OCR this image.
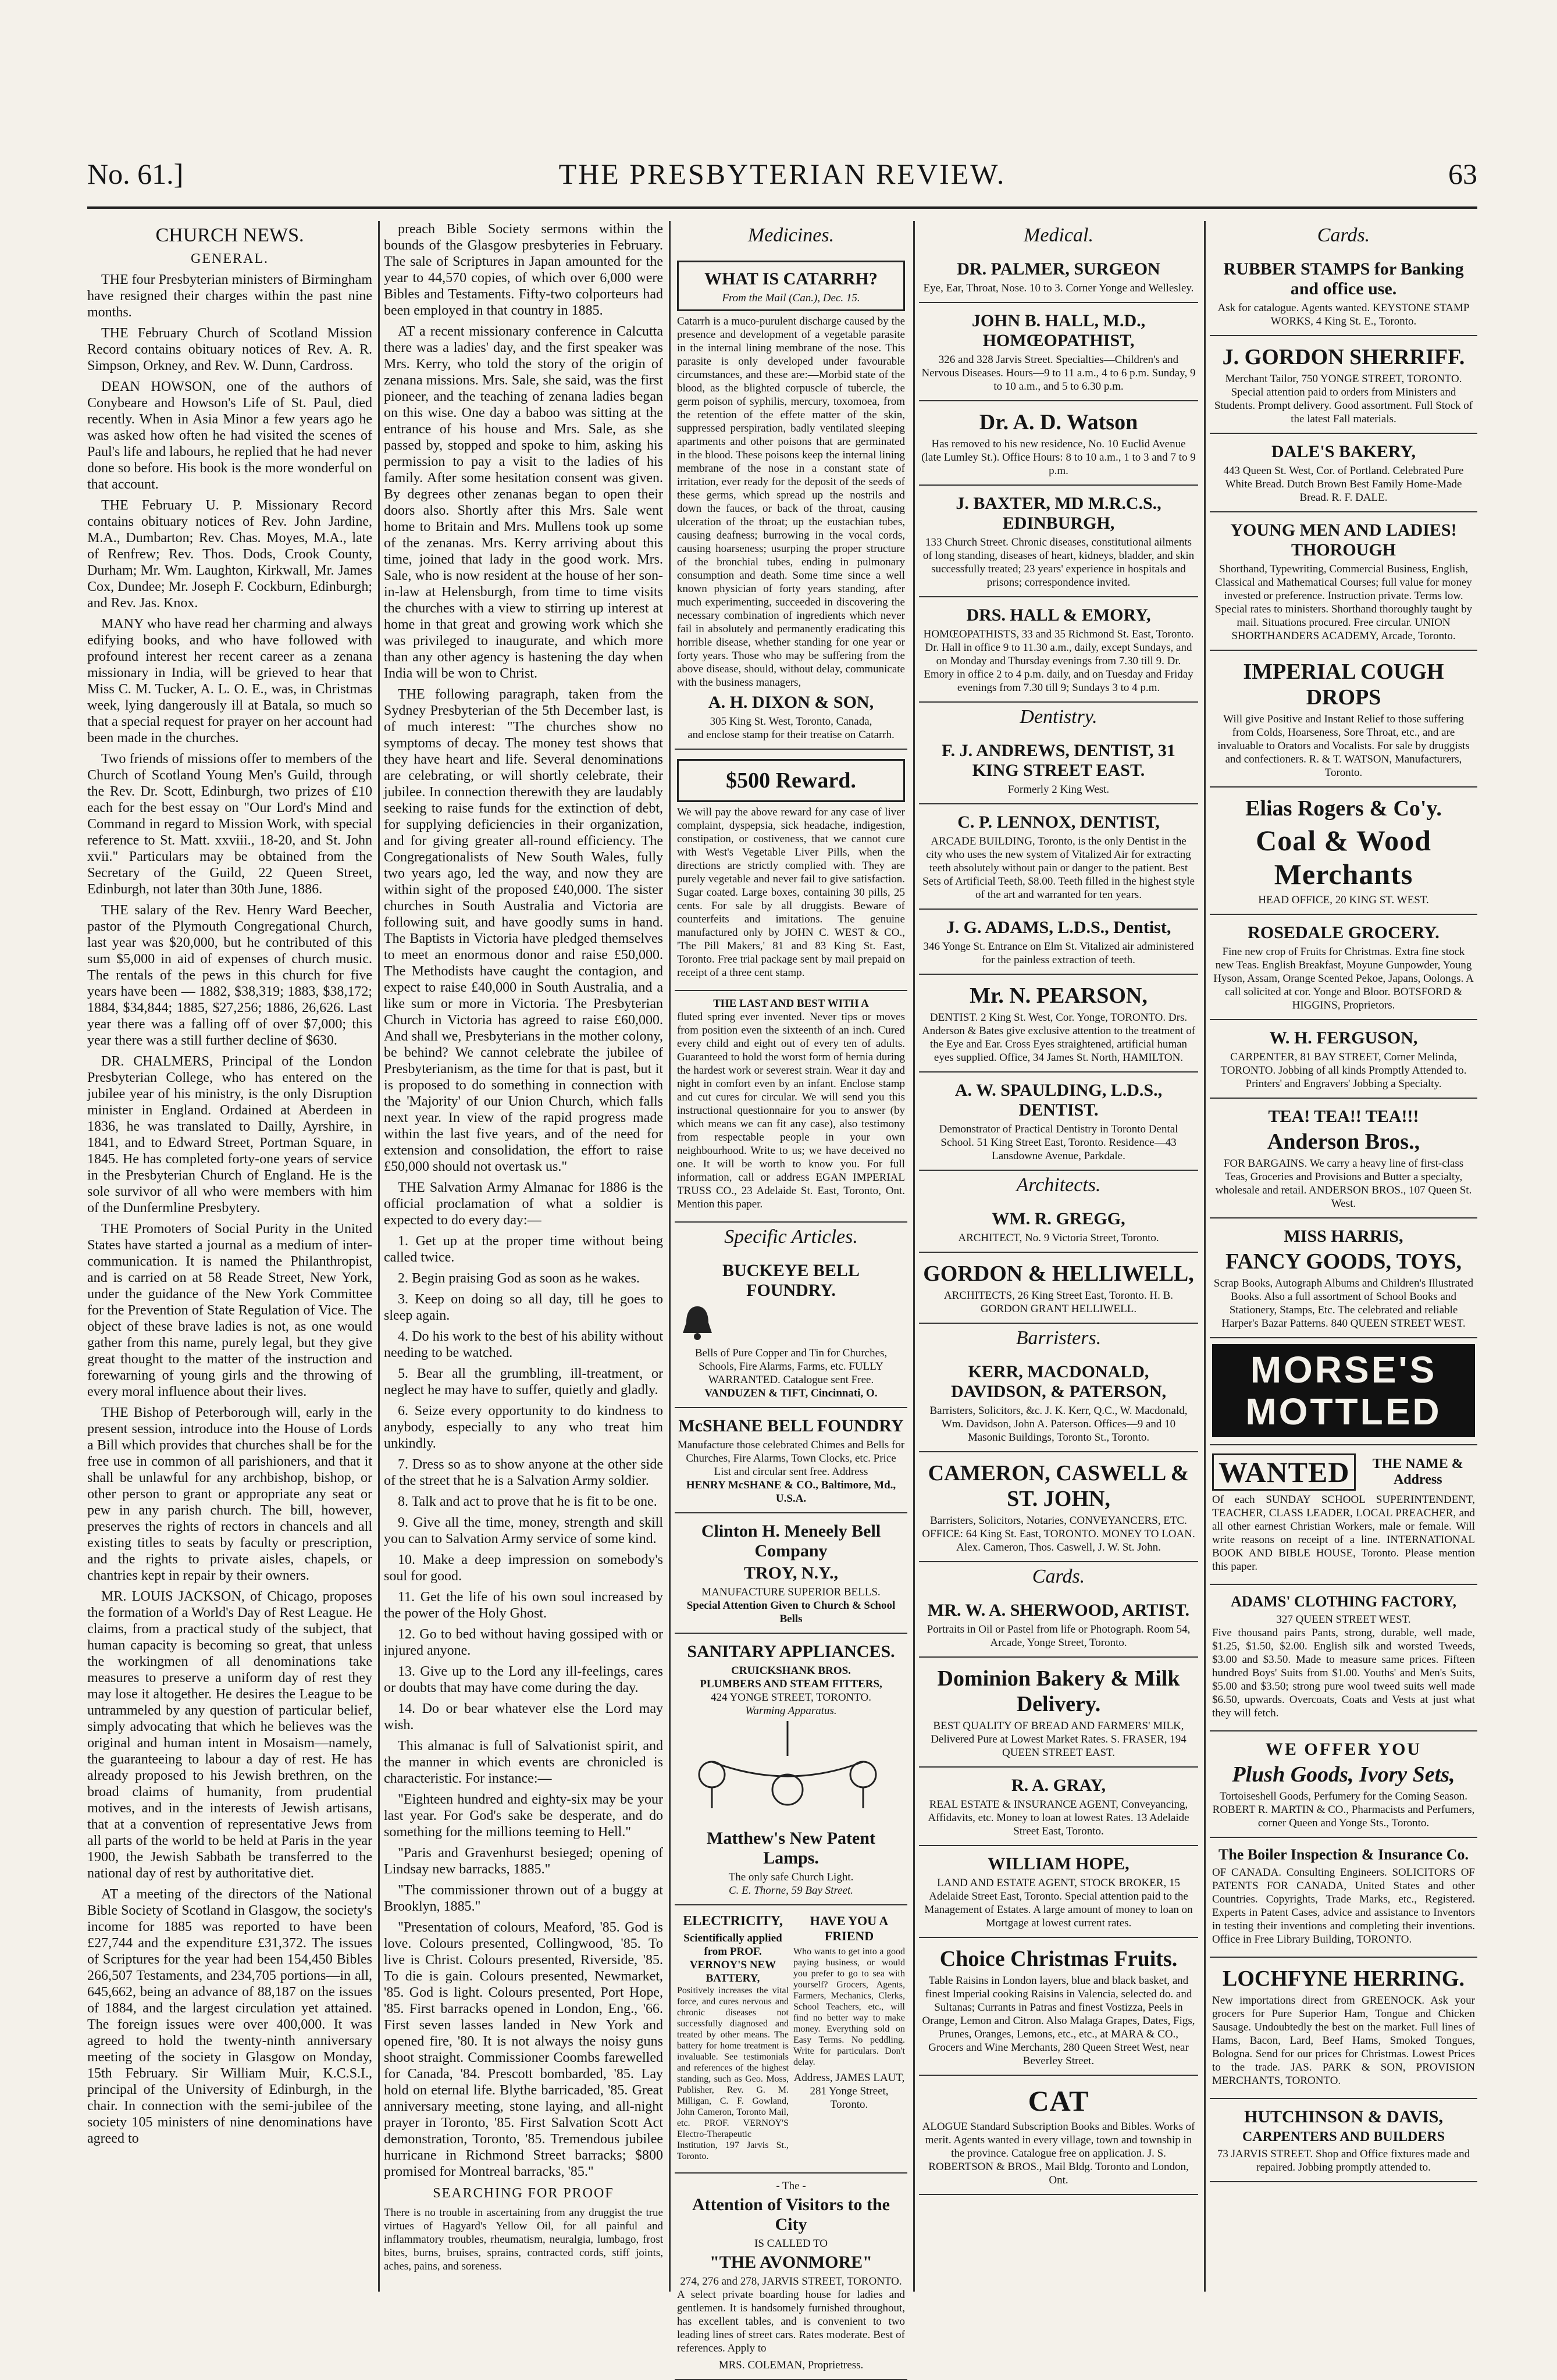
No. 61.]	THE PRESBYTERIAN REVIEW.	63
CHURCH NEWS.
GENERAL.
THE four Presbyterian ministers of Birmingham have resigned their charges within the past nine months.
THE February Church of Scotland Mission Record contains obituary notices of Rev. A. R. Simpson, Orkney, and Rev. W. Dunn, Cardross.
DEAN HOWSON, one of the authors of Conybeare and Howson's Life of St. Paul, died recently. When in Asia Minor a few years ago he was asked how often he had visited the scenes of Paul's life and labours, he replied that he had never done so before. His book is the more wonderful on that account.
THE February U. P. Missionary Record contains obituary notices of Rev. John Jardine, M.A., Dumbarton; Rev. Chas. Moyes, M.A., late of Renfrew; Rev. Thos. Dods, Crook County, Durham; Mr. Wm. Laughton, Kirkwall, Mr. James Cox, Dundee; Mr. Joseph F. Cockburn, Edinburgh; and Rev. Jas. Knox.
MANY who have read her charming and always edifying books, and who have followed with profound interest her recent career as a zenana missionary in India, will be grieved to hear that Miss C. M. Tucker, A. L. O. E., was, in Christmas week, lying dangerously ill at Batala, so much so that a special request for prayer on her account had been made in the churches.
Two friends of missions offer to members of the Church of Scotland Young Men's Guild, through the Rev. Dr. Scott, Edinburgh, two prizes of £10 each for the best essay on "Our Lord's Mind and Command in regard to Mission Work, with special reference to St. Matt. xxviii., 18-20, and St. John xvii." Particulars may be obtained from the Secretary of the Guild, 22 Queen Street, Edinburgh, not later than 30th June, 1886.
THE salary of the Rev. Henry Ward Beecher, pastor of the Plymouth Congregational Church, last year was $20,000, but he contributed of this sum $5,000 in aid of expenses of church music. The rentals of the pews in this church for five years have been — 1882, $38,319; 1883, $38,172; 1884, $34,844; 1885, $27,256; 1886, 26,626. Last year there was a falling off of over $7,000; this year there was a still further decline of $630.
DR. CHALMERS, Principal of the London Presbyterian College, who has entered on the jubilee year of his ministry, is the only Disruption minister in England. Ordained at Aberdeen in 1836, he was translated to Dailly, Ayrshire, in 1841, and to Edward Street, Portman Square, in 1845. He has completed forty-one years of service in the Presbyterian Church of England. He is the sole survivor of all who were members with him of the Dunfermline Presbytery.
THE Promoters of Social Purity in the United States have started a journal as a medium of inter-communication. It is named the Philanthropist, and is carried on at 58 Reade Street, New York, under the guidance of the New York Committee for the Prevention of State Regulation of Vice. The object of these brave ladies is not, as one would gather from this name, purely legal, but they give great thought to the matter of the instruction and forewarning of young girls and the throwing of every moral influence about their lives.
THE Bishop of Peterborough will, early in the present session, introduce into the House of Lords a Bill which provides that churches shall be for the free use in common of all parishioners, and that it shall be unlawful for any archbishop, bishop, or other person to grant or appropriate any seat or pew in any parish church. The bill, however, preserves the rights of rectors in chancels and all existing titles to seats by faculty or prescription, and the rights to private aisles, chapels, or chantries kept in repair by their owners.
MR. LOUIS JACKSON, of Chicago, proposes the formation of a World's Day of Rest League. He claims, from a practical study of the subject, that human capacity is becoming so great, that unless the workingmen of all denominations take measures to preserve a uniform day of rest they may lose it altogether. He desires the League to be untrammeled by any question of particular belief, simply advocating that which he believes was the original and human intent in Mosaism—namely, the guaranteeing to labour a day of rest. He has already proposed to his Jewish brethren, on the broad claims of humanity, from prudential motives, and in the interests of Jewish artisans, that at a convention of representative Jews from all parts of the world to be held at Paris in the year 1900, the Jewish Sabbath be transferred to the national day of rest by authoritative diet.
AT a meeting of the directors of the National Bible Society of Scotland in Glasgow, the society's income for 1885 was reported to have been £27,744 and the expenditure £31,372. The issues of Scriptures for the year had been 154,450 Bibles 266,507 Testaments, and 234,705 portions—in all, 645,662, being an advance of 88,187 on the issues of 1884, and the largest circulation yet attained. The foreign issues were over 400,000. It was agreed to hold the twenty-ninth anniversary meeting of the society in Glasgow on Monday, 15th February. Sir William Muir, K.C.S.I., principal of the University of Edinburgh, in the chair. In connection with the semi-jubilee of the society 105 ministers of nine denominations have agreed to
preach Bible Society sermons within the bounds of the Glasgow presbyteries in February. The sale of Scriptures in Japan amounted for the year to 44,570 copies, of which over 6,000 were Bibles and Testaments. Fifty-two colporteurs had been employed in that country in 1885.
AT a recent missionary conference in Calcutta there was a ladies' day, and the first speaker was Mrs. Kerry, who told the story of the origin of zenana missions. Mrs. Sale, she said, was the first pioneer, and the teaching of zenana ladies began on this wise. One day a baboo was sitting at the entrance of his house and Mrs. Sale, as she passed by, stopped and spoke to him, asking his permission to pay a visit to the ladies of his family. After some hesitation consent was given. By degrees other zenanas began to open their doors also. Shortly after this Mrs. Sale went home to Britain and Mrs. Mullens took up some of the zenanas. Mrs. Kerry arriving about this time, joined that lady in the good work. Mrs. Sale, who is now resident at the house of her son-in-law at Helensburgh, from time to time visits the churches with a view to stirring up interest at home in that great and growing work which she was privileged to inaugurate, and which more than any other agency is hastening the day when India will be won to Christ.
THE following paragraph, taken from the Sydney Presbyterian of the 5th December last, is of much interest: "The churches show no symptoms of decay. The money test shows that they have heart and life. Several denominations are celebrating, or will shortly celebrate, their jubilee. In connection therewith they are laudably seeking to raise funds for the extinction of debt, for supplying deficiencies in their organization, and for giving greater all-round efficiency. The Congregationalists of New South Wales, fully two years ago, led the way, and now they are within sight of the proposed £40,000. The sister churches in South Australia and Victoria are following suit, and have goodly sums in hand. The Baptists in Victoria have pledged themselves to meet an enormous donor and raise £50,000. The Methodists have caught the contagion, and expect to raise £40,000 in South Australia, and a like sum or more in Victoria. The Presbyterian Church in Victoria has agreed to raise £60,000. And shall we, Presbyterians in the mother colony, be behind? We cannot celebrate the jubilee of Presbyterianism, as the time for that is past, but it is proposed to do something in connection with the 'Majority' of our Union Church, which falls next year. In view of the rapid progress made within the last five years, and of the need for extension and consolidation, the effort to raise £50,000 should not overtask us."
THE Salvation Army Almanac for 1886 is the official proclamation of what a soldier is expected to do every day:—
1. Get up at the proper time without being called twice.
2. Begin praising God as soon as he wakes.
3. Keep on doing so all day, till he goes to sleep again.
4. Do his work to the best of his ability without needing to be watched.
5. Bear all the grumbling, ill-treatment, or neglect he may have to suffer, quietly and gladly.
6. Seize every opportunity to do kindness to anybody, especially to any who treat him unkindly.
7. Dress so as to show anyone at the other side of the street that he is a Salvation Army soldier.
8. Talk and act to prove that he is fit to be one.
9. Give all the time, money, strength and skill you can to Salvation Army service of some kind.
10. Make a deep impression on somebody's soul for good.
11. Get the life of his own soul increased by the power of the Holy Ghost.
12. Go to bed without having gossiped with or injured anyone.
13. Give up to the Lord any ill-feelings, cares or doubts that may have come during the day.
14. Do or bear whatever else the Lord may wish.
This almanac is full of Salvationist spirit, and the manner in which events are chronicled is characteristic. For instance:—
"Eighteen hundred and eighty-six may be your last year. For God's sake be desperate, and do something for the millions teeming to Hell."
"Paris and Gravenhurst besieged; opening of Lindsay new barracks, 1885."
"The commissioner thrown out of a buggy at Brooklyn, 1885."
"Presentation of colours, Meaford, '85. God is love. Colours presented, Collingwood, '85. To live is Christ. Colours presented, Riverside, '85. To die is gain. Colours presented, Newmarket, '85. God is light. Colours presented, Port Hope, '85. First barracks opened in London, Eng., '66. First seven lasses landed in New York and opened fire, '80. It is not always the noisy guns shoot straight. Commissioner Coombs farewelled for Canada, '84. Prescott bombarded, '85. Lay hold on eternal life. Blythe barricaded, '85. Great anniversary meeting, stone laying, and all-night prayer in Toronto, '85. First Salvation Scott Act demonstration, Toronto, '85. Tremendous jubilee hurricane in Richmond Street barracks; $800 promised for Montreal barracks, '85."
SEARCHING FOR PROOF
There is no trouble in ascertaining from any druggist the true virtues of Hagyard's Yellow Oil, for all painful and inflammatory troubles, rheumatism, neuralgia, lumbago, frost bites, burns, bruises, sprains, contracted cords, stiff joints, aches, pains, and soreness.
Medicines.
WHAT IS CATARRH?
From the Mail (Can.), Dec. 15.
Catarrh is a muco-purulent discharge caused by the presence and development of a vegetable parasite in the internal lining membrane of the nose. This parasite is only developed under favourable circumstances, and these are:—Morbid state of the blood, as the blighted corpuscle of tubercle, the germ poison of syphilis, mercury, toxomoea, from the retention of the effete matter of the skin, suppressed perspiration, badly ventilated sleeping apartments and other poisons that are germinated in the blood. These poisons keep the internal lining membrane of the nose in a constant state of irritation, ever ready for the deposit of the seeds of these germs, which spread up the nostrils and down the fauces, or back of the throat, causing ulceration of the throat; up the eustachian tubes, causing deafness; burrowing in the vocal cords, causing hoarseness; usurping the proper structure of the bronchial tubes, ending in pulmonary consumption and death. Some time since a well known physician of forty years standing, after much experimenting, succeeded in discovering the necessary combination of ingredients which never fail in absolutely and permanently eradicating this horrible disease, whether standing for one year or forty years. Those who may be suffering from the above disease, should, without delay, communicate with the business managers,
A. H. DIXON & SON,
305 King St. West, Toronto, Canada,
and enclose stamp for their treatise on Catarrh.
$500 Reward.
We will pay the above reward for any case of liver complaint, dyspepsia, sick headache, indigestion, constipation, or costiveness, that we cannot cure with West's Vegetable Liver Pills, when the directions are strictly complied with. They are purely vegetable and never fail to give satisfaction. Sugar coated. Large boxes, containing 30 pills, 25 cents. For sale by all druggists. Beware of counterfeits and imitations. The genuine manufactured only by JOHN C. WEST & CO., 'The Pill Makers,' 81 and 83 King St. East, Toronto. Free trial package sent by mail prepaid on receipt of a three cent stamp.
THE LAST AND BEST WITH A
fluted spring ever invented. Never tips or moves from position even the sixteenth of an inch. Cured every child and eight out of every ten of adults. Guaranteed to hold the worst form of hernia during the hardest work or severest strain. Wear it day and night in comfort even by an infant. Enclose stamp and cut cures for circular. We will send you this instructional questionnaire for you to answer (by which means we can fit any case), also testimony from respectable people in your own neighbourhood. Write to us; we have deceived no one. It will be worth to know you. For full information, call or address EGAN IMPERIAL TRUSS CO., 23 Adelaide St. East, Toronto, Ont. Mention this paper.
Specific Articles.
BUCKEYE BELL FOUNDRY.
Bells of Pure Copper and Tin for Churches, Schools, Fire Alarms, Farms, etc. FULLY WARRANTED. Catalogue sent Free.
VANDUZEN & TIFT, Cincinnati, O.
McSHANE BELL FOUNDRY
Manufacture those celebrated Chimes and Bells for Churches, Fire Alarms, Town Clocks, etc. Price List and circular sent free. Address
HENRY McSHANE & CO., Baltimore, Md., U.S.A.
Clinton H. Meneely Bell Company
TROY, N.Y.,
MANUFACTURE SUPERIOR BELLS.
Special Attention Given to Church & School Bells
SANITARY APPLIANCES.
CRUICKSHANK BROS.
PLUMBERS AND STEAM FITTERS,
424 YONGE STREET, TORONTO.
Warming Apparatus.
Matthew's New Patent Lamps.
The only safe Church Light.
C. E. Thorne, 59 Bay Street.
ELECTRICITY,
Scientifically applied from PROF. VERNOY'S NEW BATTERY,
Positively increases the vital force, and cures nervous and chronic diseases not successfully diagnosed and treated by other means. The battery for home treatment is invaluable. See testimonials and references of the highest standing, such as Geo. Moss, Publisher, Rev. G. M. Milligan, C. F. Gowland, John Cameron, Toronto Mail, etc. PROF. VERNOY'S Electro-Therapeutic Institution, 197 Jarvis St., Toronto.
HAVE YOU A FRIEND
Who wants to get into a good paying business, or would you prefer to go to sea with yourself? Grocers, Agents, Farmers, Mechanics, Clerks, School Teachers, etc., will find no better way to make money. Everything sold on Easy Terms. No peddling. Write for particulars. Don't delay.
Address, JAMES LAUT, 281 Yonge Street, Toronto.
- The -
Attention of Visitors to the City
IS CALLED TO
"THE AVONMORE"
274, 276 and 278, JARVIS STREET, TORONTO.
A select private boarding house for ladies and gentlemen. It is handsomely furnished throughout, has excellent tables, and is convenient to two leading lines of street cars. Rates moderate. Best of references. Apply to
MRS. COLEMAN, Proprietress.
Medical.
DR. PALMER, SURGEON
Eye, Ear, Throat, Nose. 10 to 3. Corner Yonge and Wellesley.
JOHN B. HALL, M.D., HOMŒOPATHIST,
326 and 328 Jarvis Street. Specialties—Children's and Nervous Diseases. Hours—9 to 11 a.m., 4 to 6 p.m. Sunday, 9 to 10 a.m., and 5 to 6.30 p.m.
Dr. A. D. Watson
Has removed to his new residence, No. 10 Euclid Avenue (late Lumley St.). Office Hours: 8 to 10 a.m., 1 to 3 and 7 to 9 p.m.
J. BAXTER, MD M.R.C.S., EDINBURGH,
133 Church Street. Chronic diseases, constitutional ailments of long standing, diseases of heart, kidneys, bladder, and skin successfully treated; 23 years' experience in hospitals and prisons; correspondence invited.
DRS. HALL & EMORY,
HOMŒOPATHISTS, 33 and 35 Richmond St. East, Toronto. Dr. Hall in office 9 to 11.30 a.m., daily, except Sundays, and on Monday and Thursday evenings from 7.30 till 9. Dr. Emory in office 2 to 4 p.m. daily, and on Tuesday and Friday evenings from 7.30 till 9; Sundays 3 to 4 p.m.
Dentistry.
F. J. ANDREWS, DENTIST, 31 KING STREET EAST.
Formerly 2 King West.
C. P. LENNOX, DENTIST,
ARCADE BUILDING, Toronto, is the only Dentist in the city who uses the new system of Vitalized Air for extracting teeth absolutely without pain or danger to the patient. Best Sets of Artificial Teeth, $8.00. Teeth filled in the highest style of the art and warranted for ten years.
J. G. ADAMS, L.D.S., Dentist,
346 Yonge St. Entrance on Elm St. Vitalized air administered for the painless extraction of teeth.
Mr. N. PEARSON,
DENTIST. 2 King St. West, Cor. Yonge, TORONTO. Drs. Anderson & Bates give exclusive attention to the treatment of the Eye and Ear. Cross Eyes straightened, artificial human eyes supplied. Office, 34 James St. North, HAMILTON.
A. W. SPAULDING, L.D.S., DENTIST.
Demonstrator of Practical Dentistry in Toronto Dental School. 51 King Street East, Toronto. Residence—43 Lansdowne Avenue, Parkdale.
Architects.
WM. R. GREGG,
ARCHITECT, No. 9 Victoria Street, Toronto.
GORDON & HELLIWELL,
ARCHITECTS, 26 King Street East, Toronto. H. B. GORDON GRANT HELLIWELL.
Barristers.
KERR, MACDONALD, DAVIDSON, & PATERSON,
Barristers, Solicitors, &c. J. K. Kerr, Q.C., W. Macdonald, Wm. Davidson, John A. Paterson. Offices—9 and 10 Masonic Buildings, Toronto St., Toronto.
CAMERON, CASWELL & ST. JOHN,
Barristers, Solicitors, Notaries, CONVEYANCERS, ETC. OFFICE: 64 King St. East, TORONTO. MONEY TO LOAN. Alex. Cameron, Thos. Caswell, J. W. St. John.
Cards.
MR. W. A. SHERWOOD, ARTIST.
Portraits in Oil or Pastel from life or Photograph. Room 54, Arcade, Yonge Street, Toronto.
Dominion Bakery & Milk Delivery.
BEST QUALITY OF BREAD AND FARMERS' MILK, Delivered Pure at Lowest Market Rates. S. FRASER, 194 QUEEN STREET EAST.
R. A. GRAY,
REAL ESTATE & INSURANCE AGENT, Conveyancing, Affidavits, etc. Money to loan at lowest Rates. 13 Adelaide Street East, Toronto.
WILLIAM HOPE,
LAND AND ESTATE AGENT, STOCK BROKER, 15 Adelaide Street East, Toronto. Special attention paid to the Management of Estates. A large amount of money to loan on Mortgage at lowest current rates.
Choice Christmas Fruits.
Table Raisins in London layers, blue and black basket, and finest Imperial cooking Raisins in Valencia, selected do. and Sultanas; Currants in Patras and finest Vostizza, Peels in Orange, Lemon and Citron. Also Malaga Grapes, Dates, Figs, Prunes, Oranges, Lemons, etc., etc., at MARA & CO., Grocers and Wine Merchants, 280 Queen Street West, near Beverley Street.
CAT
ALOGUE Standard Subscription Books and Bibles. Works of merit. Agents wanted in every village, town and township in the province. Catalogue free on application. J. S. ROBERTSON & BROS., Mail Bldg. Toronto and London, Ont.
Cards.
RUBBER STAMPS for Banking and office use.
Ask for catalogue. Agents wanted. KEYSTONE STAMP WORKS, 4 King St. E., Toronto.
J. GORDON SHERRIFF.
Merchant Tailor, 750 YONGE STREET, TORONTO. Special attention paid to orders from Ministers and Students. Prompt delivery. Good assortment. Full Stock of the latest Fall materials.
DALE'S BAKERY,
443 Queen St. West, Cor. of Portland. Celebrated Pure White Bread. Dutch Brown Best Family Home-Made Bread. R. F. DALE.
YOUNG MEN AND LADIES! THOROUGH
Shorthand, Typewriting, Commercial Business, English, Classical and Mathematical Courses; full value for money invested or preference. Instruction private. Terms low. Special rates to ministers. Shorthand thoroughly taught by mail. Situations procured. Free circular. UNION SHORTHANDERS ACADEMY, Arcade, Toronto.
IMPERIAL COUGH DROPS
Will give Positive and Instant Relief to those suffering from Colds, Hoarseness, Sore Throat, etc., and are invaluable to Orators and Vocalists. For sale by druggists and confectioners. R. & T. WATSON, Manufacturers, Toronto.
Elias Rogers & Co'y.
Coal & Wood Merchants
HEAD OFFICE, 20 KING ST. WEST.
ROSEDALE GROCERY.
Fine new crop of Fruits for Christmas. Extra fine stock new Teas. English Breakfast, Moyune Gunpowder, Young Hyson, Assam, Orange Scented Pekoe, Japans, Oolongs. A call solicited at cor. Yonge and Bloor. BOTSFORD & HIGGINS, Proprietors.
W. H. FERGUSON,
CARPENTER, 81 BAY STREET, Corner Melinda, TORONTO. Jobbing of all kinds Promptly Attended to. Printers' and Engravers' Jobbing a Specialty.
TEA! TEA!! TEA!!!
Anderson Bros.,
FOR BARGAINS. We carry a heavy line of first-class Teas, Groceries and Provisions and Butter a specialty, wholesale and retail. ANDERSON BROS., 107 Queen St. West.
MISS HARRIS,
FANCY GOODS, TOYS,
Scrap Books, Autograph Albums and Children's Illustrated Books. Also a full assortment of School Books and Stationery, Stamps, Etc. The celebrated and reliable Harper's Bazar Patterns. 840 QUEEN STREET WEST.
MORSE'S
MOTTLED
WANTED	THE NAME & Address
Of each SUNDAY SCHOOL SUPERINTENDENT, TEACHER, CLASS LEADER, LOCAL PREACHER, and all other earnest Christian Workers, male or female. Will write reasons on receipt of a line. INTERNATIONAL BOOK AND BIBLE HOUSE, Toronto. Please mention this paper.
ADAMS' CLOTHING FACTORY,
327 QUEEN STREET WEST.
Five thousand pairs Pants, strong, durable, well made, $1.25, $1.50, $2.00. English silk and worsted Tweeds, $3.00 and $3.50. Made to measure same prices. Fifteen hundred Boys' Suits from $1.00. Youths' and Men's Suits, $5.00 and $3.50; strong pure wool tweed suits well made $6.50, upwards. Overcoats, Coats and Vests at just what they will fetch.
WE OFFER YOU
Plush Goods, Ivory Sets,
Tortoiseshell Goods, Perfumery for the Coming Season. ROBERT R. MARTIN & CO., Pharmacists and Perfumers, corner Queen and Yonge Sts., Toronto.
The Boiler Inspection & Insurance Co.
OF CANADA. Consulting Engineers. SOLICITORS OF PATENTS FOR CANADA, United States and other Countries. Copyrights, Trade Marks, etc., Registered. Experts in Patent Cases, advice and assistance to Inventors in testing their inventions and completing their inventions. Office in Free Library Building, TORONTO.
LOCHFYNE HERRING.
New importations direct from GREENOCK. Ask your grocers for Pure Superior Ham, Tongue and Chicken Sausage. Undoubtedly the best on the market. Full lines of Hams, Bacon, Lard, Beef Hams, Smoked Tongues, Bologna. Send for our prices for Christmas. Lowest Prices to the trade. JAS. PARK & SON, PROVISION MERCHANTS, TORONTO.
HUTCHINSON & DAVIS,
CARPENTERS AND BUILDERS
73 JARVIS STREET. Shop and Office fixtures made and repaired. Jobbing promptly attended to.
